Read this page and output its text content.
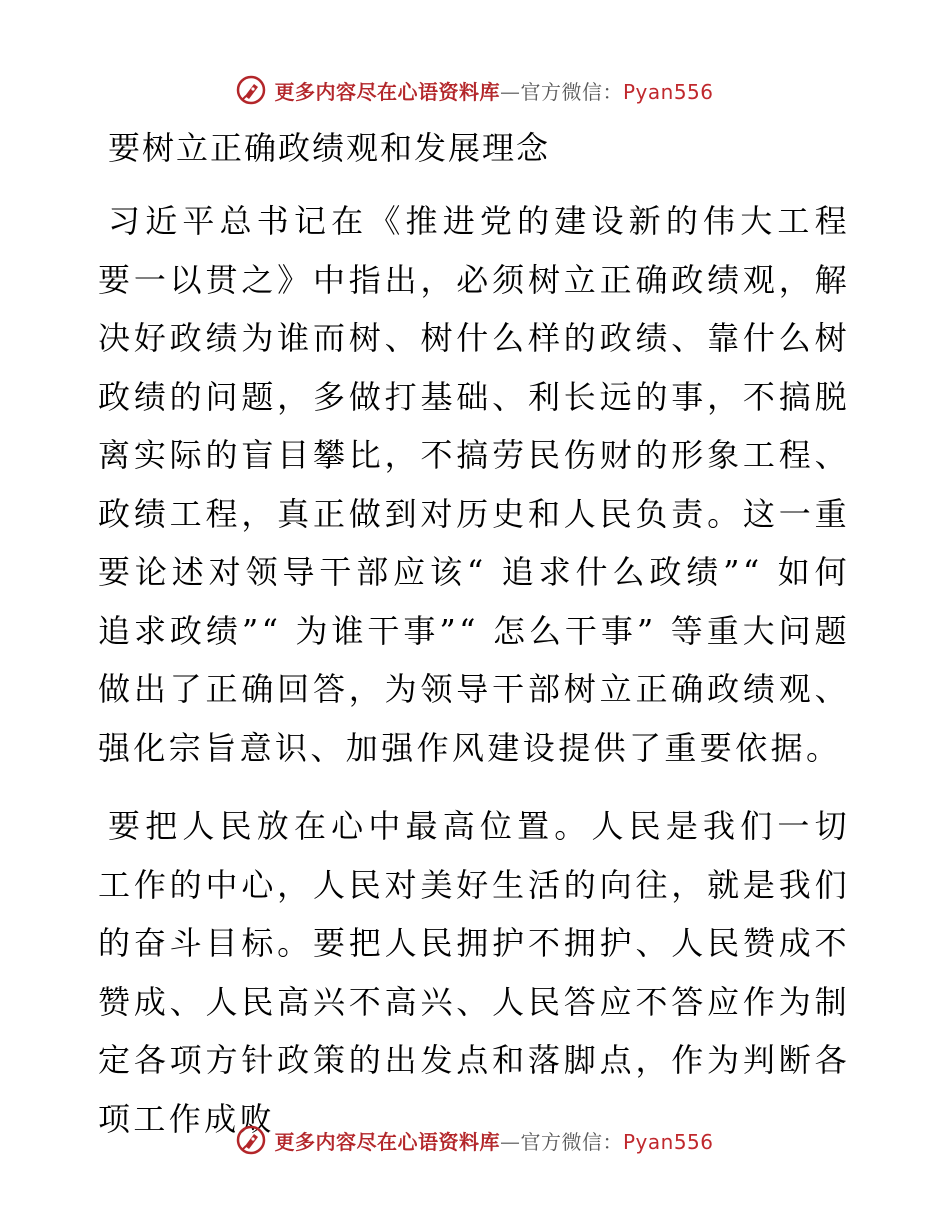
更多内容尽在心语资料库—官方微信：Pyan556
要树立正确政绩观和发展理念

习近平总书记在《推进党的建设新的伟大工程要一以贯之》中指出，必须树立正确政绩观，解决好政绩为谁而树、树什么样的政绩、靠什么树政绩的问题，多做打基础、利长远的事，不搞脱离实际的盲目攀比，不搞劳民伤财的形象工程、政绩工程，真正做到对历史和人民负责。这一重要论述对领导干部应该“ 追求什么政绩”“ 如何追求政绩”“ 为谁干事”“ 怎么干事” 等重大问题做出了正确回答，为领导干部树立正确政绩观、强化宗旨意识、加强作风建设提供了重要依据。

要把人民放在心中最高位置。人民是我们一切工作的中心，人民对美好生活的向往，就是我们的奋斗目标。要把人民拥护不拥护、人民赞成不赞成、人民高兴不高兴、人民答应不答应作为制定各项方针政策的出发点和落脚点，作为判断各项工作成败

更多内容尽在心语资料库—官方微信：Pyan556
